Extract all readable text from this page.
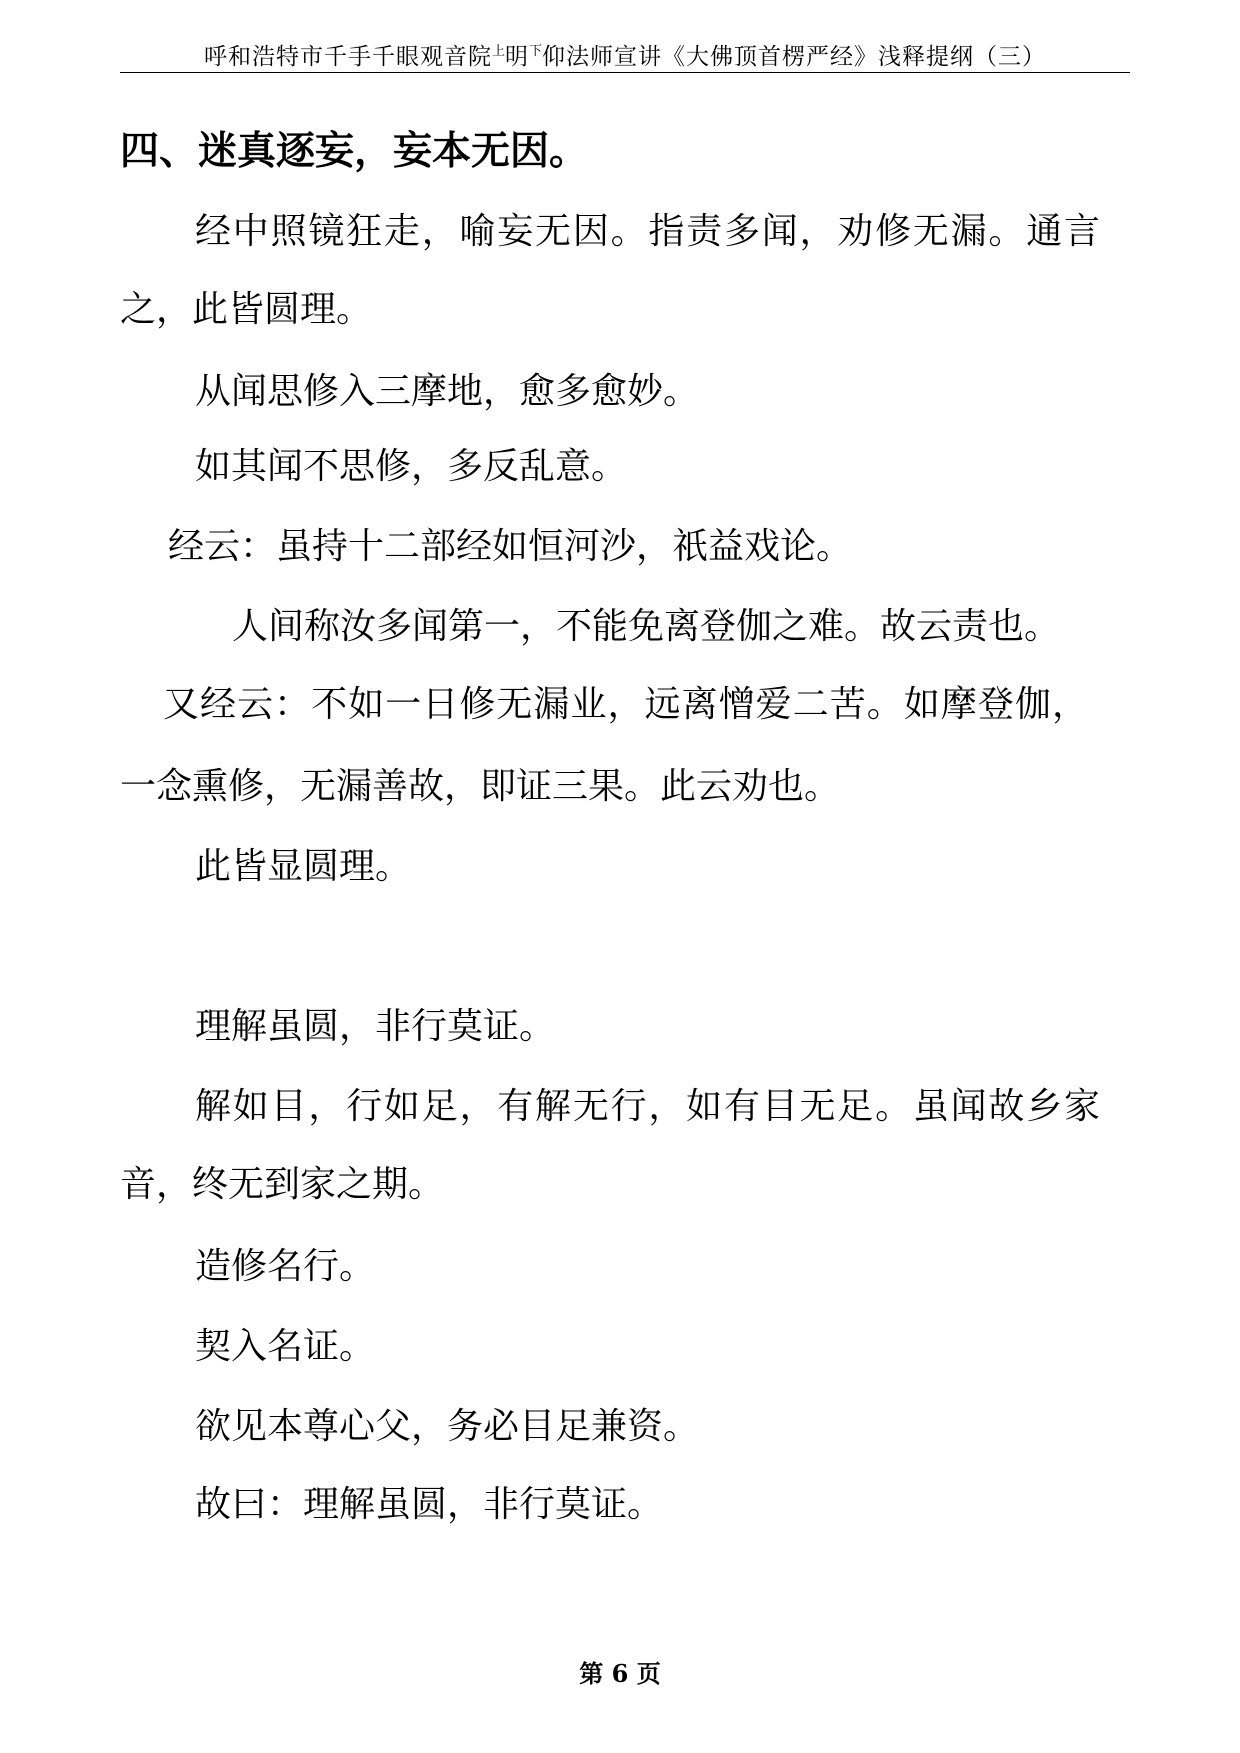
呼和浩特市千手千眼观音院$^上$明$^下$仰法师宣讲《大佛顶首楞严经》浅释提纲（三）
四、迷真逐妄，妄本无因。
经中照镜狂走，喻妄无因。指责多闻，劝修无漏。通言
之，此皆圆理。
从闻思修入三摩地，愈多愈妙。
如其闻不思修，多反乱意。
经云：虽持十二部经如恒河沙，祇益戏论。
人间称汝多闻第一，不能免离登伽之难。故云责也。
又经云：不如一日修无漏业，远离憎爱二苦。如摩登伽，
一念熏修，无漏善故，即证三果。此云劝也。
此皆显圆理。
理解虽圆，非行莫证。
解如目，行如足，有解无行，如有目无足。虽闻故乡家
音，终无到家之期。
造修名行。
契入名证。
欲见本尊心父，务必目足兼资。
故曰：理解虽圆，非行莫证。
第 6 页
